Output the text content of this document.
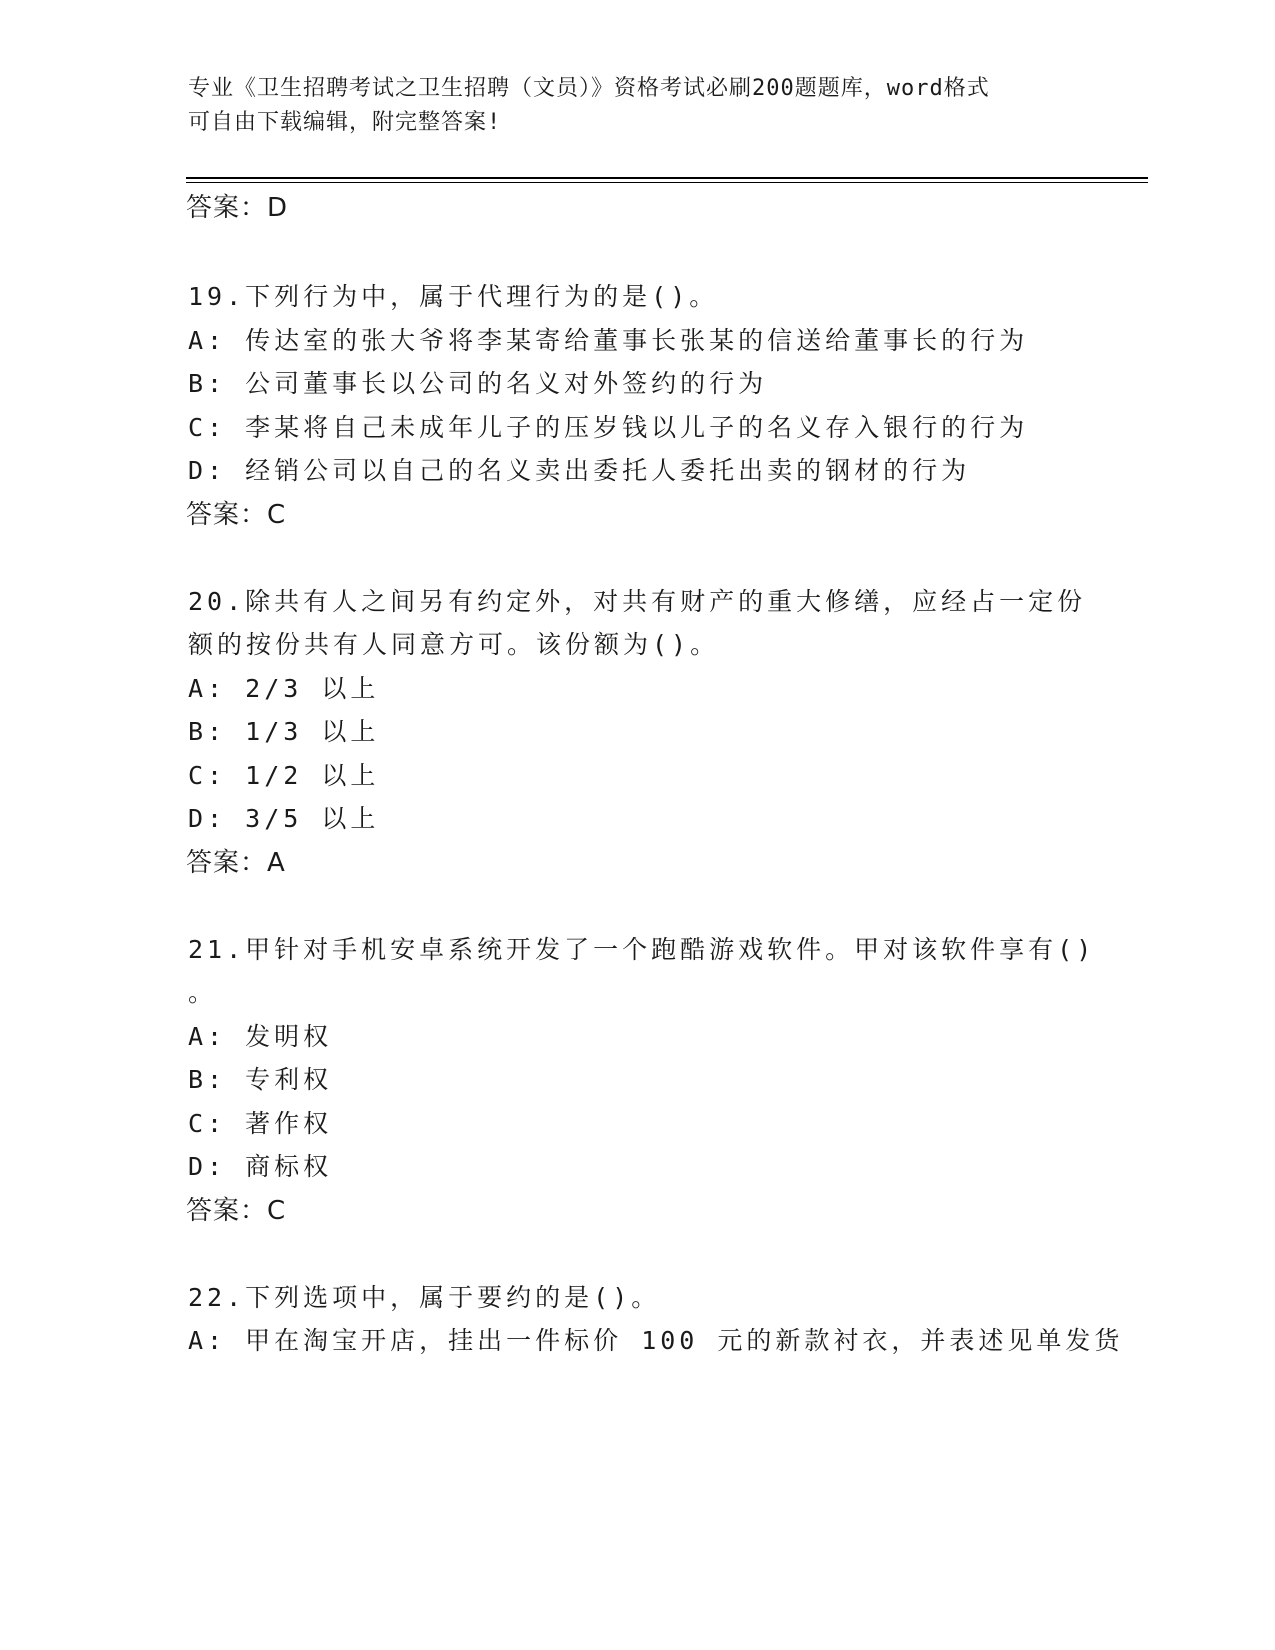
专业《卫生招聘考试之卫生招聘（文员）》资格考试必刷200题题库，word格式
可自由下载编辑，附完整答案!
答案：D
19.下列行为中，属于代理行为的是()。
A: 传达室的张大爷将李某寄给董事长张某的信送给董事长的行为
B: 公司董事长以公司的名义对外签约的行为
C: 李某将自己未成年儿子的压岁钱以儿子的名义存入银行的行为
D: 经销公司以自己的名义卖出委托人委托出卖的钢材的行为
答案：C
20.除共有人之间另有约定外，对共有财产的重大修缮，应经占一定份
额的按份共有人同意方可。该份额为()。
A: 2/3 以上
B: 1/3 以上
C: 1/2 以上
D: 3/5 以上
答案：A
21.甲针对手机安卓系统开发了一个跑酷游戏软件。甲对该软件享有()
。
A: 发明权
B: 专利权
C: 著作权
D: 商标权
答案：C
22.下列选项中，属于要约的是()。
A: 甲在淘宝开店，挂出一件标价 100 元的新款衬衣，并表述见单发货
